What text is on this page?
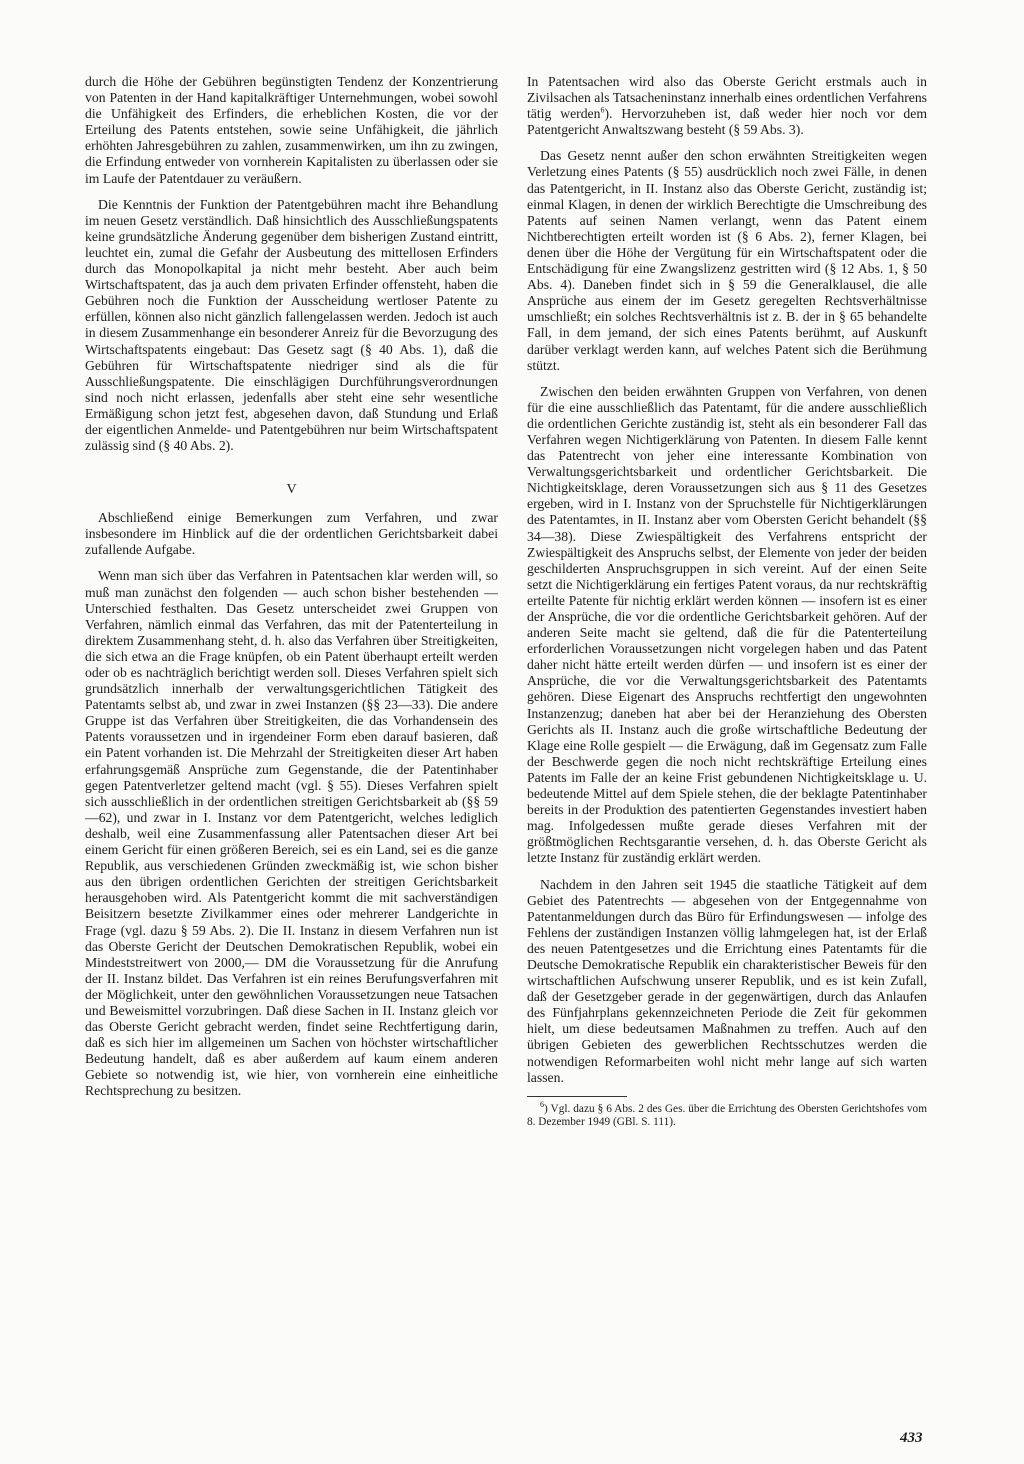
durch die Höhe der Gebühren begünstigten Tendenz der Konzentrierung von Patenten in der Hand kapitalkräftiger Unternehmungen, wobei sowohl die Unfähigkeit des Erfinders, die erheblichen Kosten, die vor der Erteilung des Patents entstehen, sowie seine Unfähigkeit, die jährlich erhöhten Jahresgebühren zu zahlen, zusammenwirken, um ihn zu zwingen, die Erfindung entweder von vornherein Kapitalisten zu überlassen oder sie im Laufe der Patentdauer zu veräußern.

Die Kenntnis der Funktion der Patentgebühren macht ihre Behandlung im neuen Gesetz verständlich. Daß hinsichtlich des Ausschließungspatents keine grundsätzliche Änderung gegenüber dem bisherigen Zustand eintritt, leuchtet ein, zumal die Gefahr der Ausbeutung des mittellosen Erfinders durch das Monopolkapital ja nicht mehr besteht. Aber auch beim Wirtschaftspatent, das ja auch dem privaten Erfinder offensteht, haben die Gebühren noch die Funktion der Ausscheidung wertloser Patente zu erfüllen, können also nicht gänzlich fallengelassen werden. Jedoch ist auch in diesem Zusammenhange ein besonderer Anreiz für die Bevorzugung des Wirtschaftspatents eingebaut: Das Gesetz sagt (§ 40 Abs. 1), daß die Gebühren für Wirtschaftspatente niedriger sind als die für Ausschließungspatente. Die einschlägigen Durchführungsverordnungen sind noch nicht erlassen, jedenfalls aber steht eine sehr wesentliche Ermäßigung schon jetzt fest, abgesehen davon, daß Stundung und Erlaß der eigentlichen Anmelde- und Patentgebühren nur beim Wirtschaftspatent zulässig sind (§ 40 Abs. 2).

V

Abschließend einige Bemerkungen zum Verfahren, und zwar insbesondere im Hinblick auf die der ordentlichen Gerichtsbarkeit dabei zufallende Aufgabe.

Wenn man sich über das Verfahren in Patentsachen klar werden will, so muß man zunächst den folgenden — auch schon bisher bestehenden — Unterschied festhalten. Das Gesetz unterscheidet zwei Gruppen von Verfahren, nämlich einmal das Verfahren, das mit der Patenterteilung in direktem Zusammenhang steht, d. h. also das Verfahren über Streitigkeiten, die sich etwa an die Frage knüpfen, ob ein Patent überhaupt erteilt werden oder ob es nachträglich berichtigt werden soll. Dieses Verfahren spielt sich grundsätzlich innerhalb der verwaltungsgerichtlichen Tätigkeit des Patentamts selbst ab, und zwar in zwei Instanzen (§§ 23—33). Die andere Gruppe ist das Verfahren über Streitigkeiten, die das Vorhandensein des Patents voraussetzen und in irgendeiner Form eben darauf basieren, daß ein Patent vorhanden ist. Die Mehrzahl der Streitigkeiten dieser Art haben erfahrungsgemäß Ansprüche zum Gegenstande, die der Patentinhaber gegen Patentverletzer geltend macht (vgl. § 55). Dieses Verfahren spielt sich ausschließlich in der ordentlichen streitigen Gerichtsbarkeit ab (§§ 59—62), und zwar in I. Instanz vor dem Patentgericht, welches lediglich deshalb, weil eine Zusammenfassung aller Patentsachen dieser Art bei einem Gericht für einen größeren Bereich, sei es ein Land, sei es die ganze Republik, aus verschiedenen Gründen zweckmäßig ist, wie schon bisher aus den übrigen ordentlichen Gerichten der streitigen Gerichtsbarkeit herausgehoben wird. Als Patentgericht kommt die mit sachverständigen Beisitzern besetzte Zivilkammer eines oder mehrerer Landgerichte in Frage (vgl. dazu § 59 Abs. 2). Die II. Instanz in diesem Verfahren nun ist das Oberste Gericht der Deutschen Demokratischen Republik, wobei ein Mindeststreitwert von 2000,— DM die Voraussetzung für die Anrufung der II. Instanz bildet. Das Verfahren ist ein reines Berufungsverfahren mit der Möglichkeit, unter den gewöhnlichen Voraussetzungen neue Tatsachen und Beweismittel vorzubringen. Daß diese Sachen in II. Instanz gleich vor das Oberste Gericht gebracht werden, findet seine Rechtfertigung darin, daß es sich hier im allgemeinen um Sachen von höchster wirtschaftlicher Bedeutung handelt, daß es aber außerdem auf kaum einem anderen Gebiete so notwendig ist, wie hier, von vornherein eine einheitliche Rechtsprechung zu besitzen.

In Patentsachen wird also das Oberste Gericht erstmals auch in Zivilsachen als Tatsacheninstanz innerhalb eines ordentlichen Verfahrens tätig werden$^6$). Hervorzuheben ist, daß weder hier noch vor dem Patentgericht Anwaltszwang besteht (§ 59 Abs. 3).

Das Gesetz nennt außer den schon erwähnten Streitigkeiten wegen Verletzung eines Patents (§ 55) ausdrücklich noch zwei Fälle, in denen das Patentgericht, in II. Instanz also das Oberste Gericht, zuständig ist; einmal Klagen, in denen der wirklich Berechtigte die Umschreibung des Patents auf seinen Namen verlangt, wenn das Patent einem Nichtberechtigten erteilt worden ist (§ 6 Abs. 2), ferner Klagen, bei denen über die Höhe der Vergütung für ein Wirtschaftspatent oder die Entschädigung für eine Zwangslizenz gestritten wird (§ 12 Abs. 1, § 50 Abs. 4). Daneben findet sich in § 59 die Generalklausel, die alle Ansprüche aus einem der im Gesetz geregelten Rechtsverhältnisse umschließt; ein solches Rechtsverhältnis ist z. B. der in § 65 behandelte Fall, in dem jemand, der sich eines Patents berühmt, auf Auskunft darüber verklagt werden kann, auf welches Patent sich die Berühmung stützt.

Zwischen den beiden erwähnten Gruppen von Verfahren, von denen für die eine ausschließlich das Patentamt, für die andere ausschließlich die ordentlichen Gerichte zuständig ist, steht als ein besonderer Fall das Verfahren wegen Nichtigerklärung von Patenten. In diesem Falle kennt das Patentrecht von jeher eine interessante Kombination von Verwaltungsgerichtsbarkeit und ordentlicher Gerichtsbarkeit. Die Nichtigkeitsklage, deren Voraussetzungen sich aus § 11 des Gesetzes ergeben, wird in I. Instanz von der Spruchstelle für Nichtigerklärungen des Patentamtes, in II. Instanz aber vom Obersten Gericht behandelt (§§ 34—38). Diese Zwiespältigkeit des Verfahrens entspricht der Zwiespältigkeit des Anspruchs selbst, der Elemente von jeder der beiden geschilderten Anspruchsgruppen in sich vereint. Auf der einen Seite setzt die Nichtigerklärung ein fertiges Patent voraus, da nur rechtskräftig erteilte Patente für nichtig erklärt werden können — insofern ist es einer der Ansprüche, die vor die ordentliche Gerichtsbarkeit gehören. Auf der anderen Seite macht sie geltend, daß die für die Patenterteilung erforderlichen Voraussetzungen nicht vorgelegen haben und das Patent daher nicht hätte erteilt werden dürfen — und insofern ist es einer der Ansprüche, die vor die Verwaltungsgerichtsbarkeit des Patentamts gehören. Diese Eigenart des Anspruchs rechtfertigt den ungewohnten Instanzenzug; daneben hat aber bei der Heranziehung des Obersten Gerichts als II. Instanz auch die große wirtschaftliche Bedeutung der Klage eine Rolle gespielt — die Erwägung, daß im Gegensatz zum Falle der Beschwerde gegen die noch nicht rechtskräftige Erteilung eines Patents im Falle der an keine Frist gebundenen Nichtigkeitsklage u. U. bedeutende Mittel auf dem Spiele stehen, die der beklagte Patentinhaber bereits in der Produktion des patentierten Gegenstandes investiert haben mag. Infolgedessen mußte gerade dieses Verfahren mit der größtmöglichen Rechtsgarantie versehen, d. h. das Oberste Gericht als letzte Instanz für zuständig erklärt werden.

Nachdem in den Jahren seit 1945 die staatliche Tätigkeit auf dem Gebiet des Patentrechts — abgesehen von der Entgegennahme von Patentanmeldungen durch das Büro für Erfindungswesen — infolge des Fehlens der zuständigen Instanzen völlig lahmgelegen hat, ist der Erlaß des neuen Patentgesetzes und die Errichtung eines Patentamts für die Deutsche Demokratische Republik ein charakteristischer Beweis für den wirtschaftlichen Aufschwung unserer Republik, und es ist kein Zufall, daß der Gesetzgeber gerade in der gegenwärtigen, durch das Anlaufen des Fünfjahrplans gekennzeichneten Periode die Zeit für gekommen hielt, um diese bedeutsamen Maßnahmen zu treffen. Auch auf den übrigen Gebieten des gewerblichen Rechtsschutzes werden die notwendigen Reformarbeiten wohl nicht mehr lange auf sich warten lassen.

$^6$) Vgl. dazu § 6 Abs. 2 des Ges. über die Errichtung des Obersten Gerichtshofes vom 8. Dezember 1949 (GBl. S. 111).

433
